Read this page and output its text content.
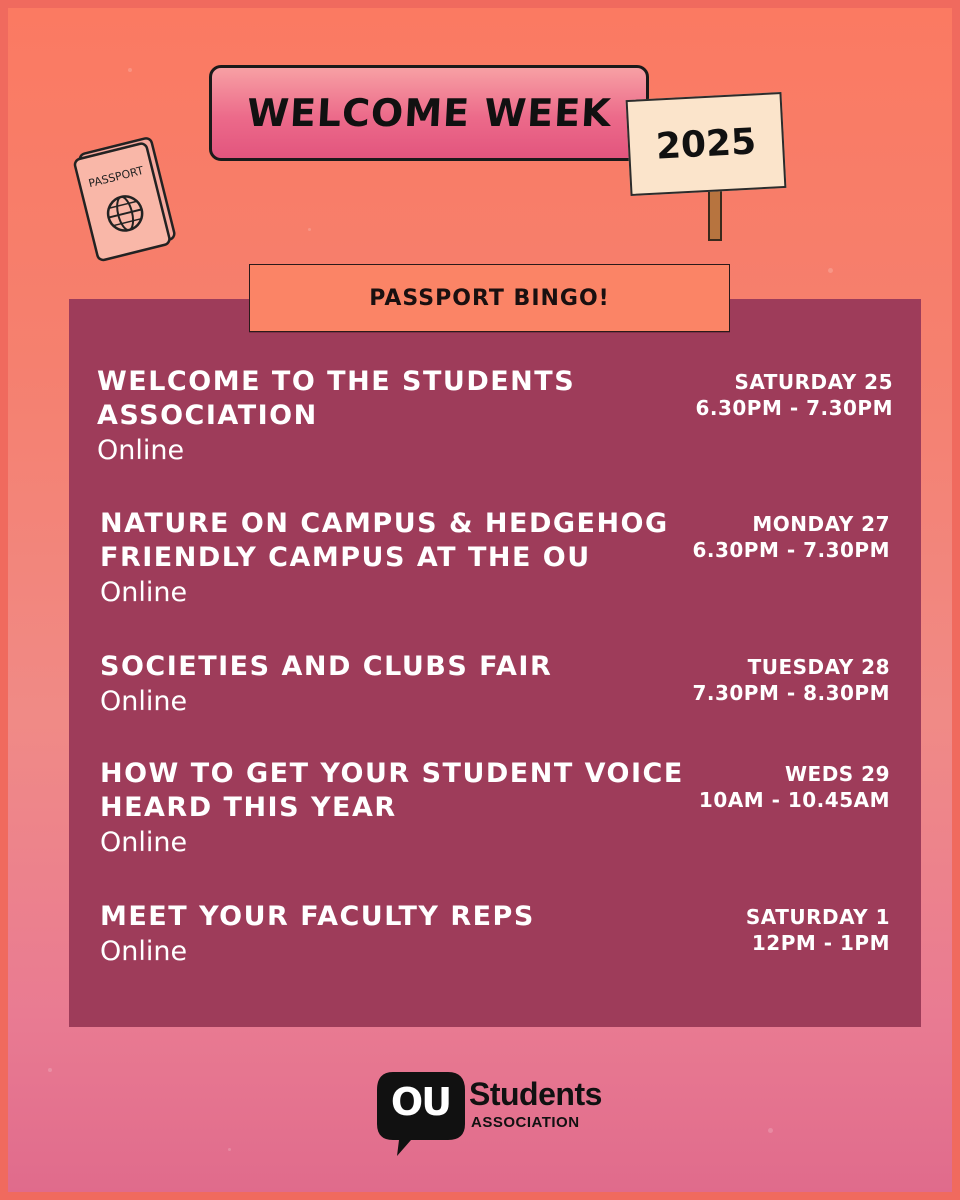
PASSPORT
WELCOME WEEK
2025
WELCOME TO THE STUDENTS ASSOCIATION
Online
SATURDAY 25
6.30PM - 7.30PM
NATURE ON CAMPUS & HEDGEHOG FRIENDLY CAMPUS AT THE OU
Online
MONDAY 27
6.30PM - 7.30PM
SOCIETIES AND CLUBS FAIR
Online
TUESDAY 28
7.30PM - 8.30PM
HOW TO GET YOUR STUDENT VOICE HEARD THIS YEAR
Online
WEDS 29
10AM - 10.45AM
MEET YOUR FACULTY REPS
Online
SATURDAY 1
12PM - 1PM
PASSPORT BINGO!
OU Students
ASSOCIATION
